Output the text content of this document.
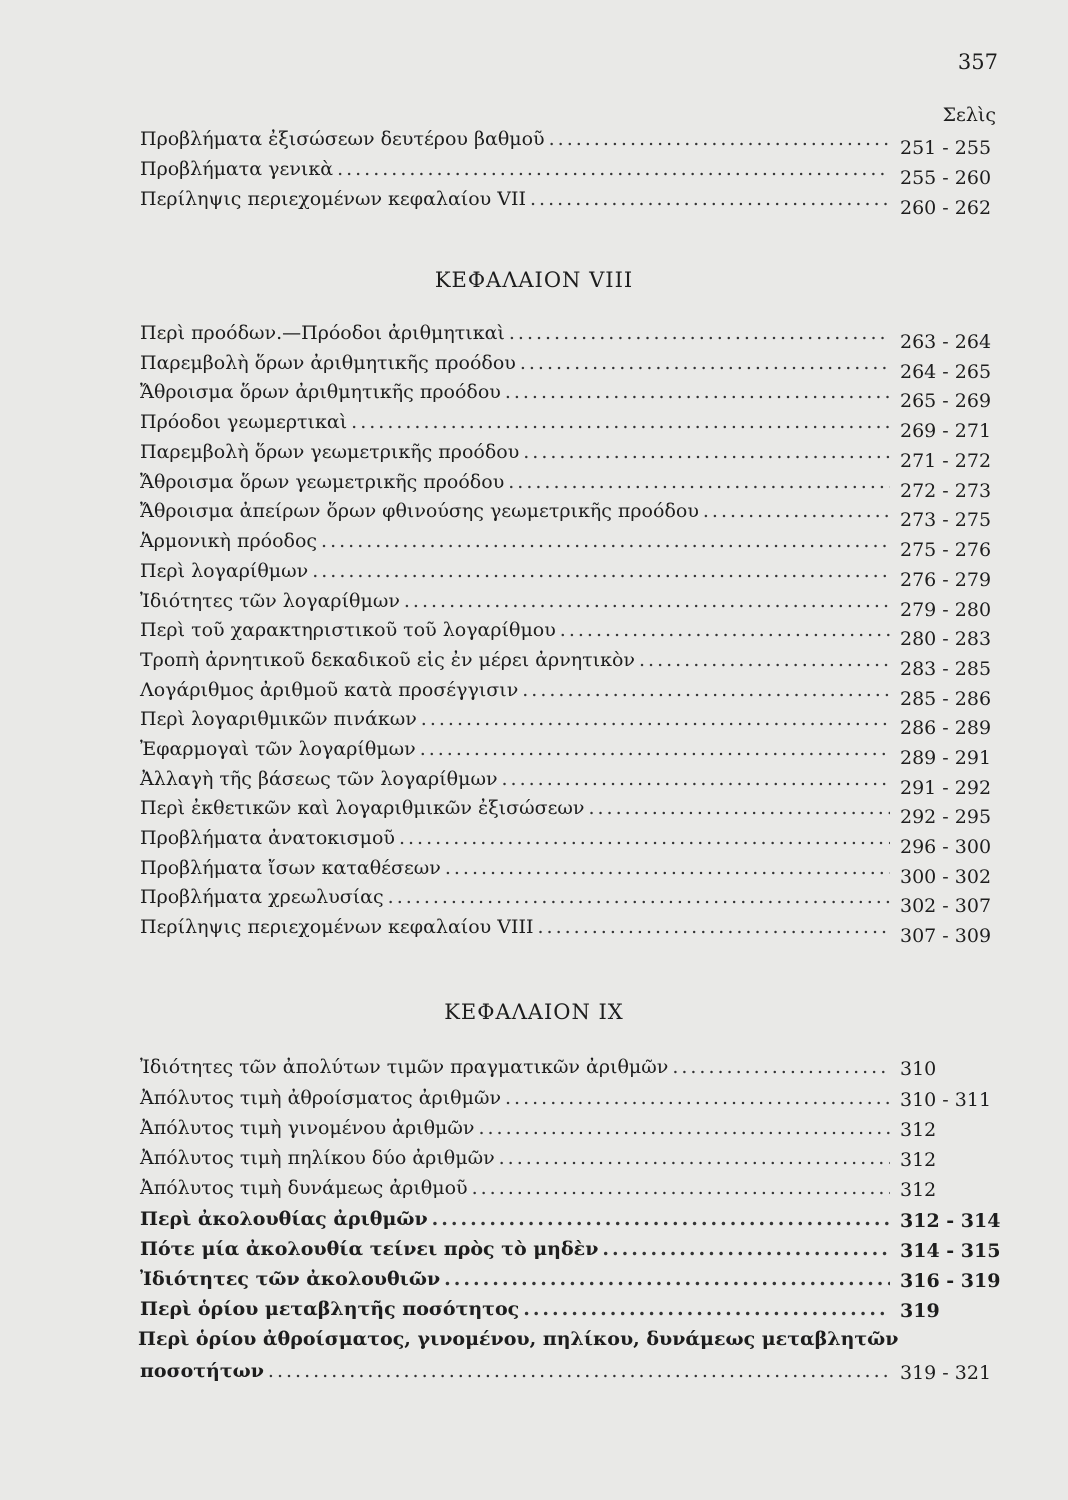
357
Σελὶς
Προβλήματα ἐξισώσεων δευτέρου βαθμοῦ .....	251 - 255
Προβλήματα γενικὰ .....	255 - 260
Περίληψις περιεχομένων κεφαλαίου VII .....	260 - 262
ΚΕΦΑΛΑΙΟΝ VIII
Περὶ προόδων.—Πρόοδοι ἀριθμητικαὶ .....	263 - 264
Παρεμβολὴ ὅρων ἀριθμητικῆς προόδου .....	264 - 265
Ἄθροισμα ὅρων ἀριθμητικῆς προόδου .....	265 - 269
Πρόοδοι γεωμερτικαὶ .....	269 - 271
Παρεμβολὴ ὅρων γεωμετρικῆς προόδου .....	271 - 272
Ἄθροισμα ὅρων γεωμετρικῆς προόδου .....	272 - 273
Ἄθροισμα ἀπείρων ὅρων φθινούσης γεωμετρικῆς προόδου .....	273 - 275
Ἁρμονικὴ πρόοδος .....	275 - 276
Περὶ λογαρίθμων .....	276 - 279
Ἰδιότητες τῶν λογαρίθμων .....	279 - 280
Περὶ τοῦ χαρακτηριστικοῦ τοῦ λογαρίθμου .....	280 - 283
Τροπὴ ἀρνητικοῦ δεκαδικοῦ εἰς ἐν μέρει ἀρνητικὸν .....	283 - 285
Λογάριθμος ἀριθμοῦ κατὰ προσέγγισιν .....	285 - 286
Περὶ λογαριθμικῶν πινάκων .....	286 - 289
Ἐφαρμογαὶ τῶν λογαρίθμων .....	289 - 291
Ἀλλαγὴ τῆς βάσεως τῶν λογαρίθμων .....	291 - 292
Περὶ ἐκθετικῶν καὶ λογαριθμικῶν ἐξισώσεων .....	292 - 295
Προβλήματα ἀνατοκισμοῦ .....	296 - 300
Προβλήματα ἴσων καταθέσεων .....	300 - 302
Προβλήματα χρεωλυσίας .....	302 - 307
Περίληψις περιεχομένων κεφαλαίου VIII .....	307 - 309
ΚΕΦΑΛΑΙΟΝ ΙΧ
Ἰδιότητες τῶν ἀπολύτων τιμῶν πραγματικῶν ἀριθμῶν .....	310
Ἀπόλυτος τιμὴ ἀθροίσματος ἀριθμῶν .....	310 - 311
Ἀπόλυτος τιμὴ γινομένου ἀριθμῶν .....	312
Ἀπόλυτος τιμὴ πηλίκου δύο ἀριθμῶν .....	312
Ἀπόλυτος τιμὴ δυνάμεως ἀριθμοῦ .....	312
Περὶ ἀκολουθίας ἀριθμῶν .....	312 - 314
Πότε μία ἀκολουθία τείνει πρὸς τὸ μηδὲν .....	314 - 315
Ἰδιότητες τῶν ἀκολουθιῶν .....	316 - 319
Περὶ ὁρίου μεταβλητῆς ποσότητος .....	319
Περὶ ὁρίου ἀθροίσματος, γινομένου, πηλίκου, δυνάμεως μεταβλητῶν
ποσοτήτων .....	319 - 321
